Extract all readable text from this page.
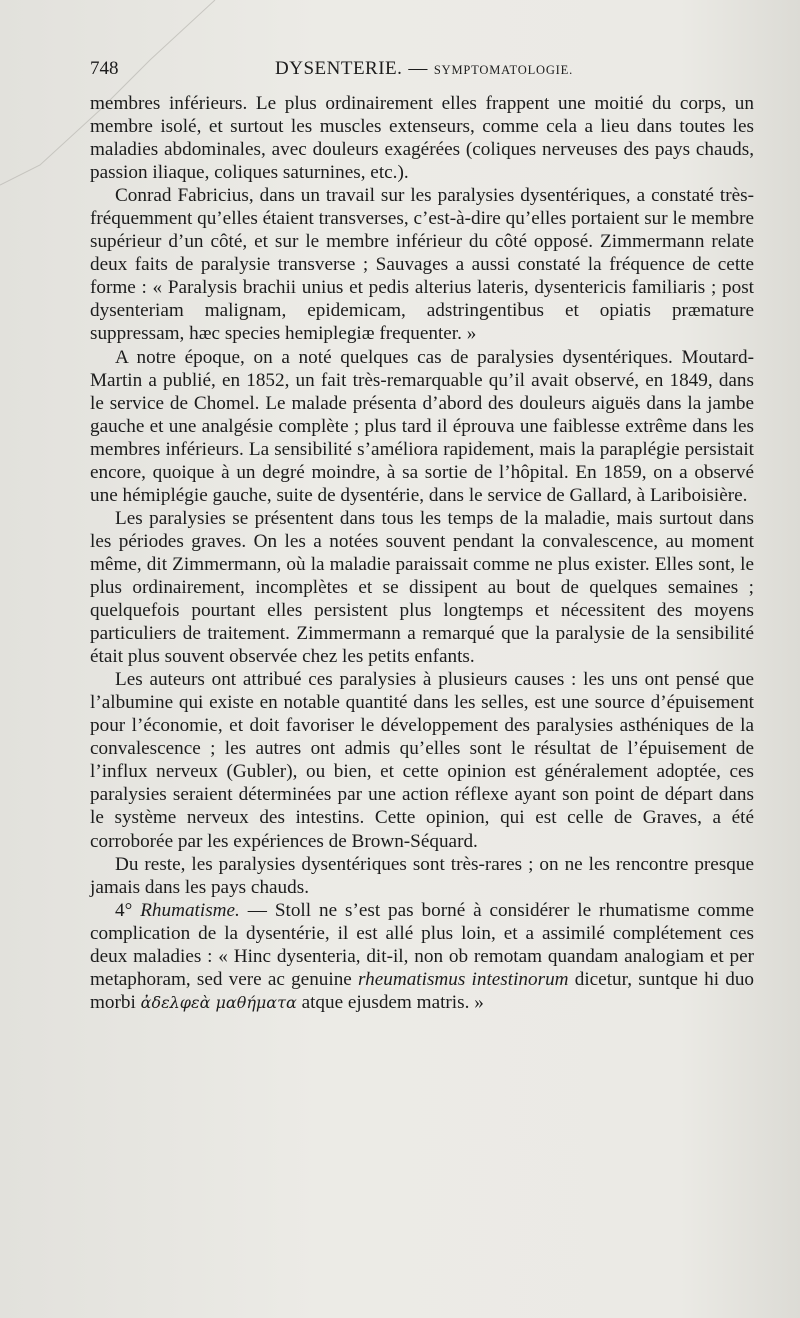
748	DYSENTERIE. — SYMPTOMATOLOGIE.

membres inférieurs. Le plus ordinairement elles frappent une moitié du corps, un membre isolé, et surtout les muscles extenseurs, comme cela a lieu dans toutes les maladies abdominales, avec douleurs exagérées (coliques nerveuses des pays chauds, passion iliaque, coliques saturnines, etc.).

Conrad Fabricius, dans un travail sur les paralysies dysentériques, a constaté très-fréquemment qu’elles étaient transverses, c’est-à-dire qu’elles portaient sur le membre supérieur d’un côté, et sur le membre inférieur du côté opposé. Zimmermann relate deux faits de paralysie transverse ; Sauvages a aussi constaté la fréquence de cette forme : « Paralysis brachii unius et pedis alterius lateris, dysentericis familiaris ; post dysenteriam malignam, epidemicam, adstringentibus et opiatis præmature suppressam, hæc species hemiplegiæ frequenter. »

A notre époque, on a noté quelques cas de paralysies dysentériques. Moutard-Martin a publié, en 1852, un fait très-remarquable qu’il avait observé, en 1849, dans le service de Chomel. Le malade présenta d’abord des douleurs aiguës dans la jambe gauche et une analgésie complète ; plus tard il éprouva une faiblesse extrême dans les membres inférieurs. La sensibilité s’améliora rapidement, mais la paraplégie persistait encore, quoique à un degré moindre, à sa sortie de l’hôpital. En 1859, on a observé une hémiplégie gauche, suite de dysentérie, dans le service de Gallard, à Lariboisière.

Les paralysies se présentent dans tous les temps de la maladie, mais surtout dans les périodes graves. On les a notées souvent pendant la convalescence, au moment même, dit Zimmermann, où la maladie paraissait comme ne plus exister. Elles sont, le plus ordinairement, incomplètes et se dissipent au bout de quelques semaines ; quelquefois pourtant elles persistent plus longtemps et nécessitent des moyens particuliers de traitement. Zimmermann a remarqué que la paralysie de la sensibilité était plus souvent observée chez les petits enfants.

Les auteurs ont attribué ces paralysies à plusieurs causes : les uns ont pensé que l’albumine qui existe en notable quantité dans les selles, est une source d’épuisement pour l’économie, et doit favoriser le développement des paralysies asthéniques de la convalescence ; les autres ont admis qu’elles sont le résultat de l’épuisement de l’influx nerveux (Gubler), ou bien, et cette opinion est généralement adoptée, ces paralysies seraient déterminées par une action réflexe ayant son point de départ dans le système nerveux des intestins. Cette opinion, qui est celle de Graves, a été corroborée par les expériences de Brown-Séquard.

Du reste, les paralysies dysentériques sont très-rares ; on ne les rencontre presque jamais dans les pays chauds.

4° Rhumatisme. — Stoll ne s’est pas borné à considérer le rhumatisme comme complication de la dysentérie, il est allé plus loin, et a assimilé complétement ces deux maladies : « Hinc dysenteria, dit-il, non ob remotam quandam analogiam et per metaphoram, sed vere ac genuine rheumatismus intestinorum dicetur, suntque hi duo morbi ἀδελφεὰ μαθήματα atque ejusdem matris. »
